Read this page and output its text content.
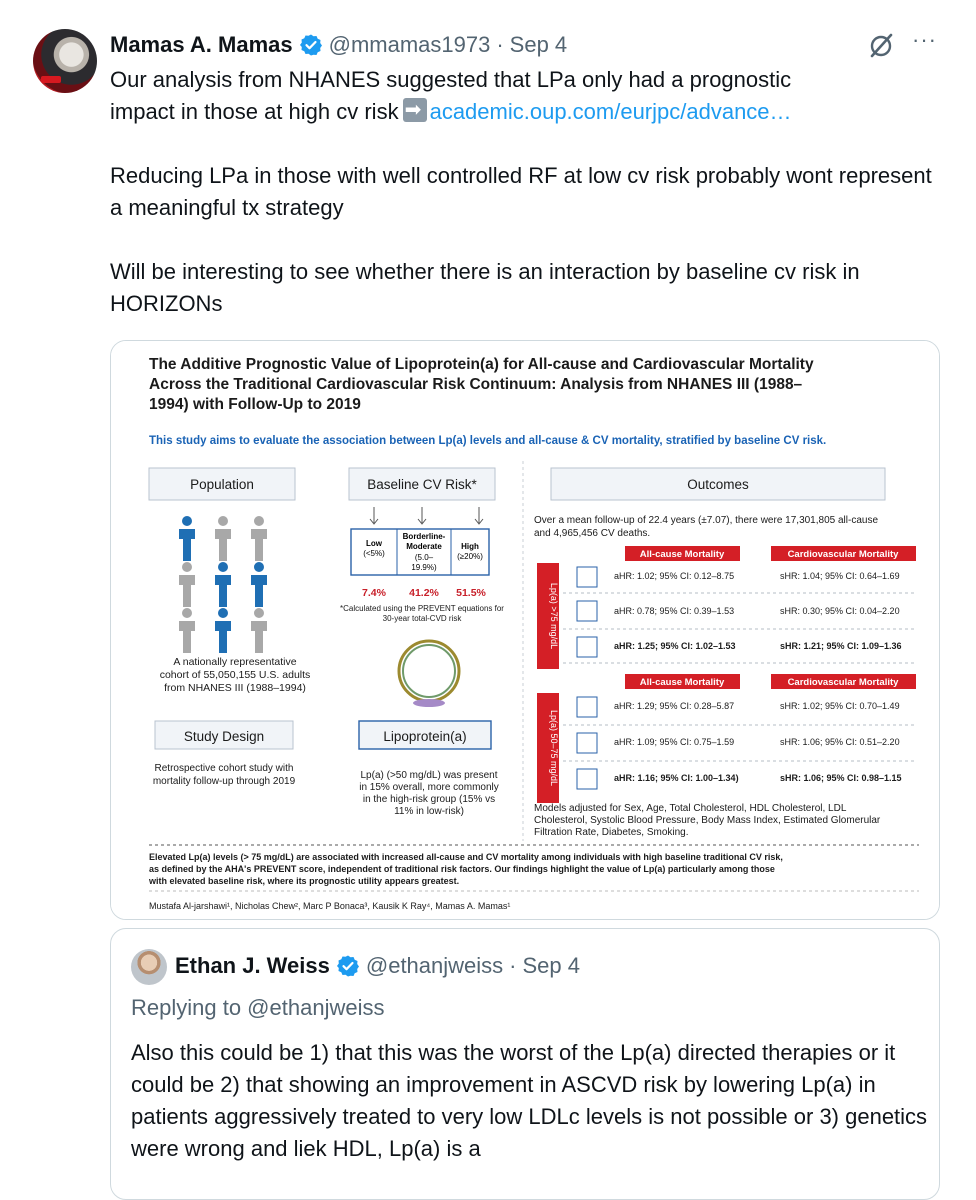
Mamas A. Mamas @mmamas1973 · Sep 4	···

Our analysis from NHANES suggested that LPa only had a prognostic

impact in those at high cv risk➡ academic.oup.com/eurjpc/advance…

Reducing LPa in those with well controlled RF at low cv risk probably wont represent a meaningful tx strategy

Will be interesting to see whether there is an interaction by baseline cv risk in HORIZONs

The Additive Prognostic Value of Lipoprotein(a) for All-cause and Cardiovascular Mortality
Across the Traditional Cardiovascular Risk Continuum: Analysis from NHANES III (1988–
1994) with Follow-Up to 2019
This study aims to evaluate the association between Lp(a) levels and all-cause & CV mortality, stratified by baseline CV risk.
Population	Baseline CV Risk*	Outcomes
A nationally representative
cohort of 55,050,155 U.S. adults
from NHANES III (1988–1994)
Low
(<5%)
Borderline-
Moderate
(5.0–
19.9%)
High
(≥20%)
7.4% 41.2% 51.5%
*Calculated using the PREVENT equations for
30-year total-CVD risk
Study Design
Retrospective cohort study with
mortality follow-up through 2019
Lipoprotein(a)
Lp(a) (>50 mg/dL) was present
in 15% overall, more commonly
in the high-risk group (15% vs
11% in low-risk)
Over a mean follow-up of 22.4 years (±7.07), there were 17,301,805 all-cause
and 4,965,456 CV deaths.
All-cause Mortality	Cardiovascular Mortality
Lp(a) >75 mg/dL
aHR: 1.02; 95% CI: 0.12–8.75	sHR: 1.04; 95% CI: 0.64–1.69
aHR: 0.78; 95% CI: 0.39–1.53	sHR: 0.30; 95% CI: 0.04–2.20
aHR: 1.25; 95% CI: 1.02–1.53	sHR: 1.21; 95% CI: 1.09–1.36
All-cause Mortality	Cardiovascular Mortality
Lp(a) 50–75 mg/dL
aHR: 1.29; 95% CI: 0.28–5.87	sHR: 1.02; 95% CI: 0.70–1.49
aHR: 1.09; 95% CI: 0.75–1.59	sHR: 1.06; 95% CI: 0.51–2.20
aHR: 1.16; 95% CI: 1.00–1.34)	sHR: 1.06; 95% CI: 0.98–1.15
Models adjusted for Sex, Age, Total Cholesterol, HDL Cholesterol, LDL
Cholesterol, Systolic Blood Pressure, Body Mass Index, Estimated Glomerular
Filtration Rate, Diabetes, Smoking.
Elevated Lp(a) levels (> 75 mg/dL) are associated with increased all-cause and CV mortality among individuals with high baseline traditional CV risk,
as defined by the AHA's PREVENT score, independent of traditional risk factors. Our findings highlight the value of Lp(a) particularly among those
with elevated baseline risk, where its prognostic utility appears greatest.
Mustafa Al-jarshawi¹, Nicholas Chew², Marc P Bonaca³, Kausik K Ray⁴, Mamas A. Mamas¹
Ethan J. Weiss @ethanjweiss · Sep 4
Replying to @ethanjweiss
Also this could be 1) that this was the worst of the Lp(a) directed therapies or it could be 2) that showing an improvement in ASCVD risk by lowering Lp(a) in patients aggressively treated to very low LDLc levels is not possible or 3) genetics were wrong and liek HDL, Lp(a) is a
